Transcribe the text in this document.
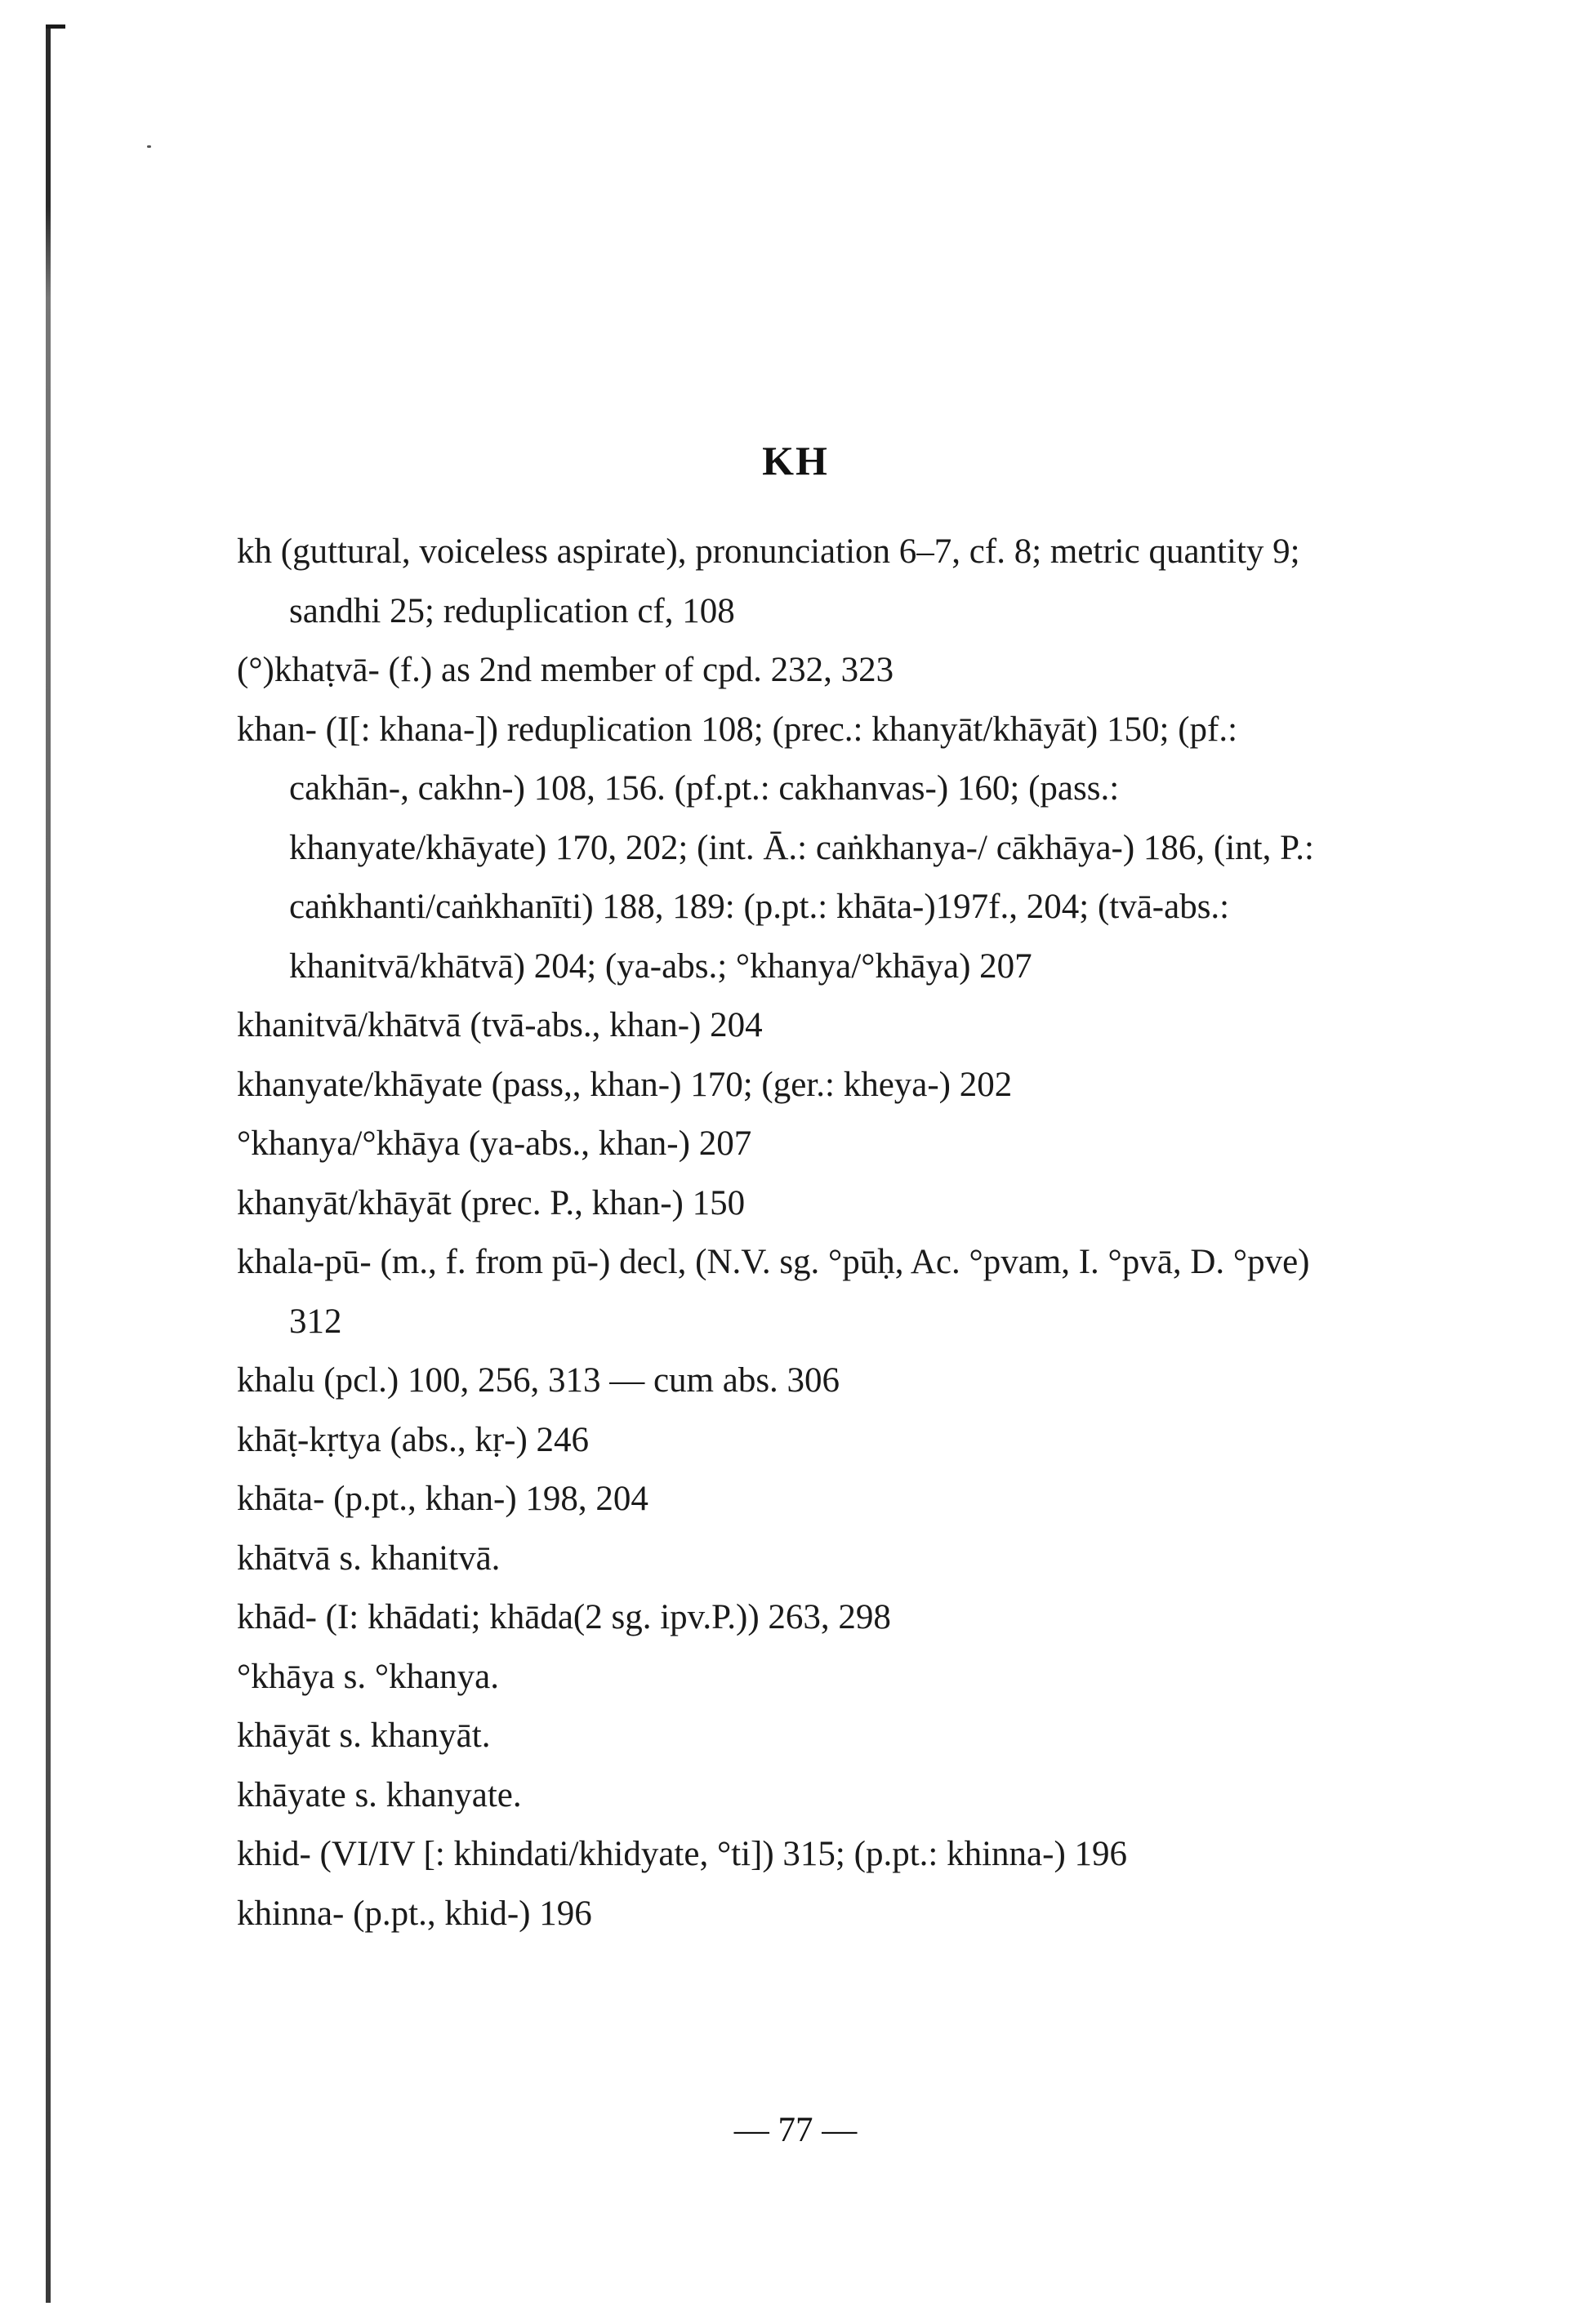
KH

kh (guttural, voiceless aspirate), pronunciation 6–7, cf. 8; metric quantity 9; sandhi 25; reduplication cf, 108

(°)khaṭvā- (f.) as 2nd member of cpd. 232, 323

khan- (I[: khana-]) reduplication 108; (prec.: khanyāt/khāyāt) 150; (pf.: cakhān-, cakhn-) 108, 156. (pf.pt.: cakhanvas-) 160; (pass.: khanyate/khāyate) 170, 202; (int. Ā.: caṅkhanya-/ cākhāya-) 186, (int, P.: caṅkhanti/caṅkhanīti) 188, 189: (p.pt.: khāta-)197f., 204; (tvā-abs.: khanitvā/khātvā) 204; (ya-abs.; °khanya/°khāya) 207

khanitvā/khātvā (tvā-abs., khan-) 204

khanyate/khāyate (pass,, khan-) 170; (ger.: kheya-) 202

°khanya/°khāya (ya-abs., khan-) 207

khanyāt/khāyāt (prec. P., khan-) 150

khala-pū- (m., f. from pū-) decl, (N.V. sg. °pūḥ, Ac. °pvam, I. °pvā, D. °pve) 312

khalu (pcl.) 100, 256, 313 — cum abs. 306

khāṭ-kṛtya (abs., kṛ-) 246

khāta- (p.pt., khan-) 198, 204

khātvā s. khanitvā.

khād- (I: khādati; khāda(2 sg. ipv.P.)) 263, 298

°khāya s. °khanya.

khāyāt s. khanyāt.

khāyate s. khanyate.

khid- (VI/IV [: khindati/khidyate, °ti]) 315; (p.pt.: khinna-) 196

khinna- (p.pt., khid-) 196

— 77 —
